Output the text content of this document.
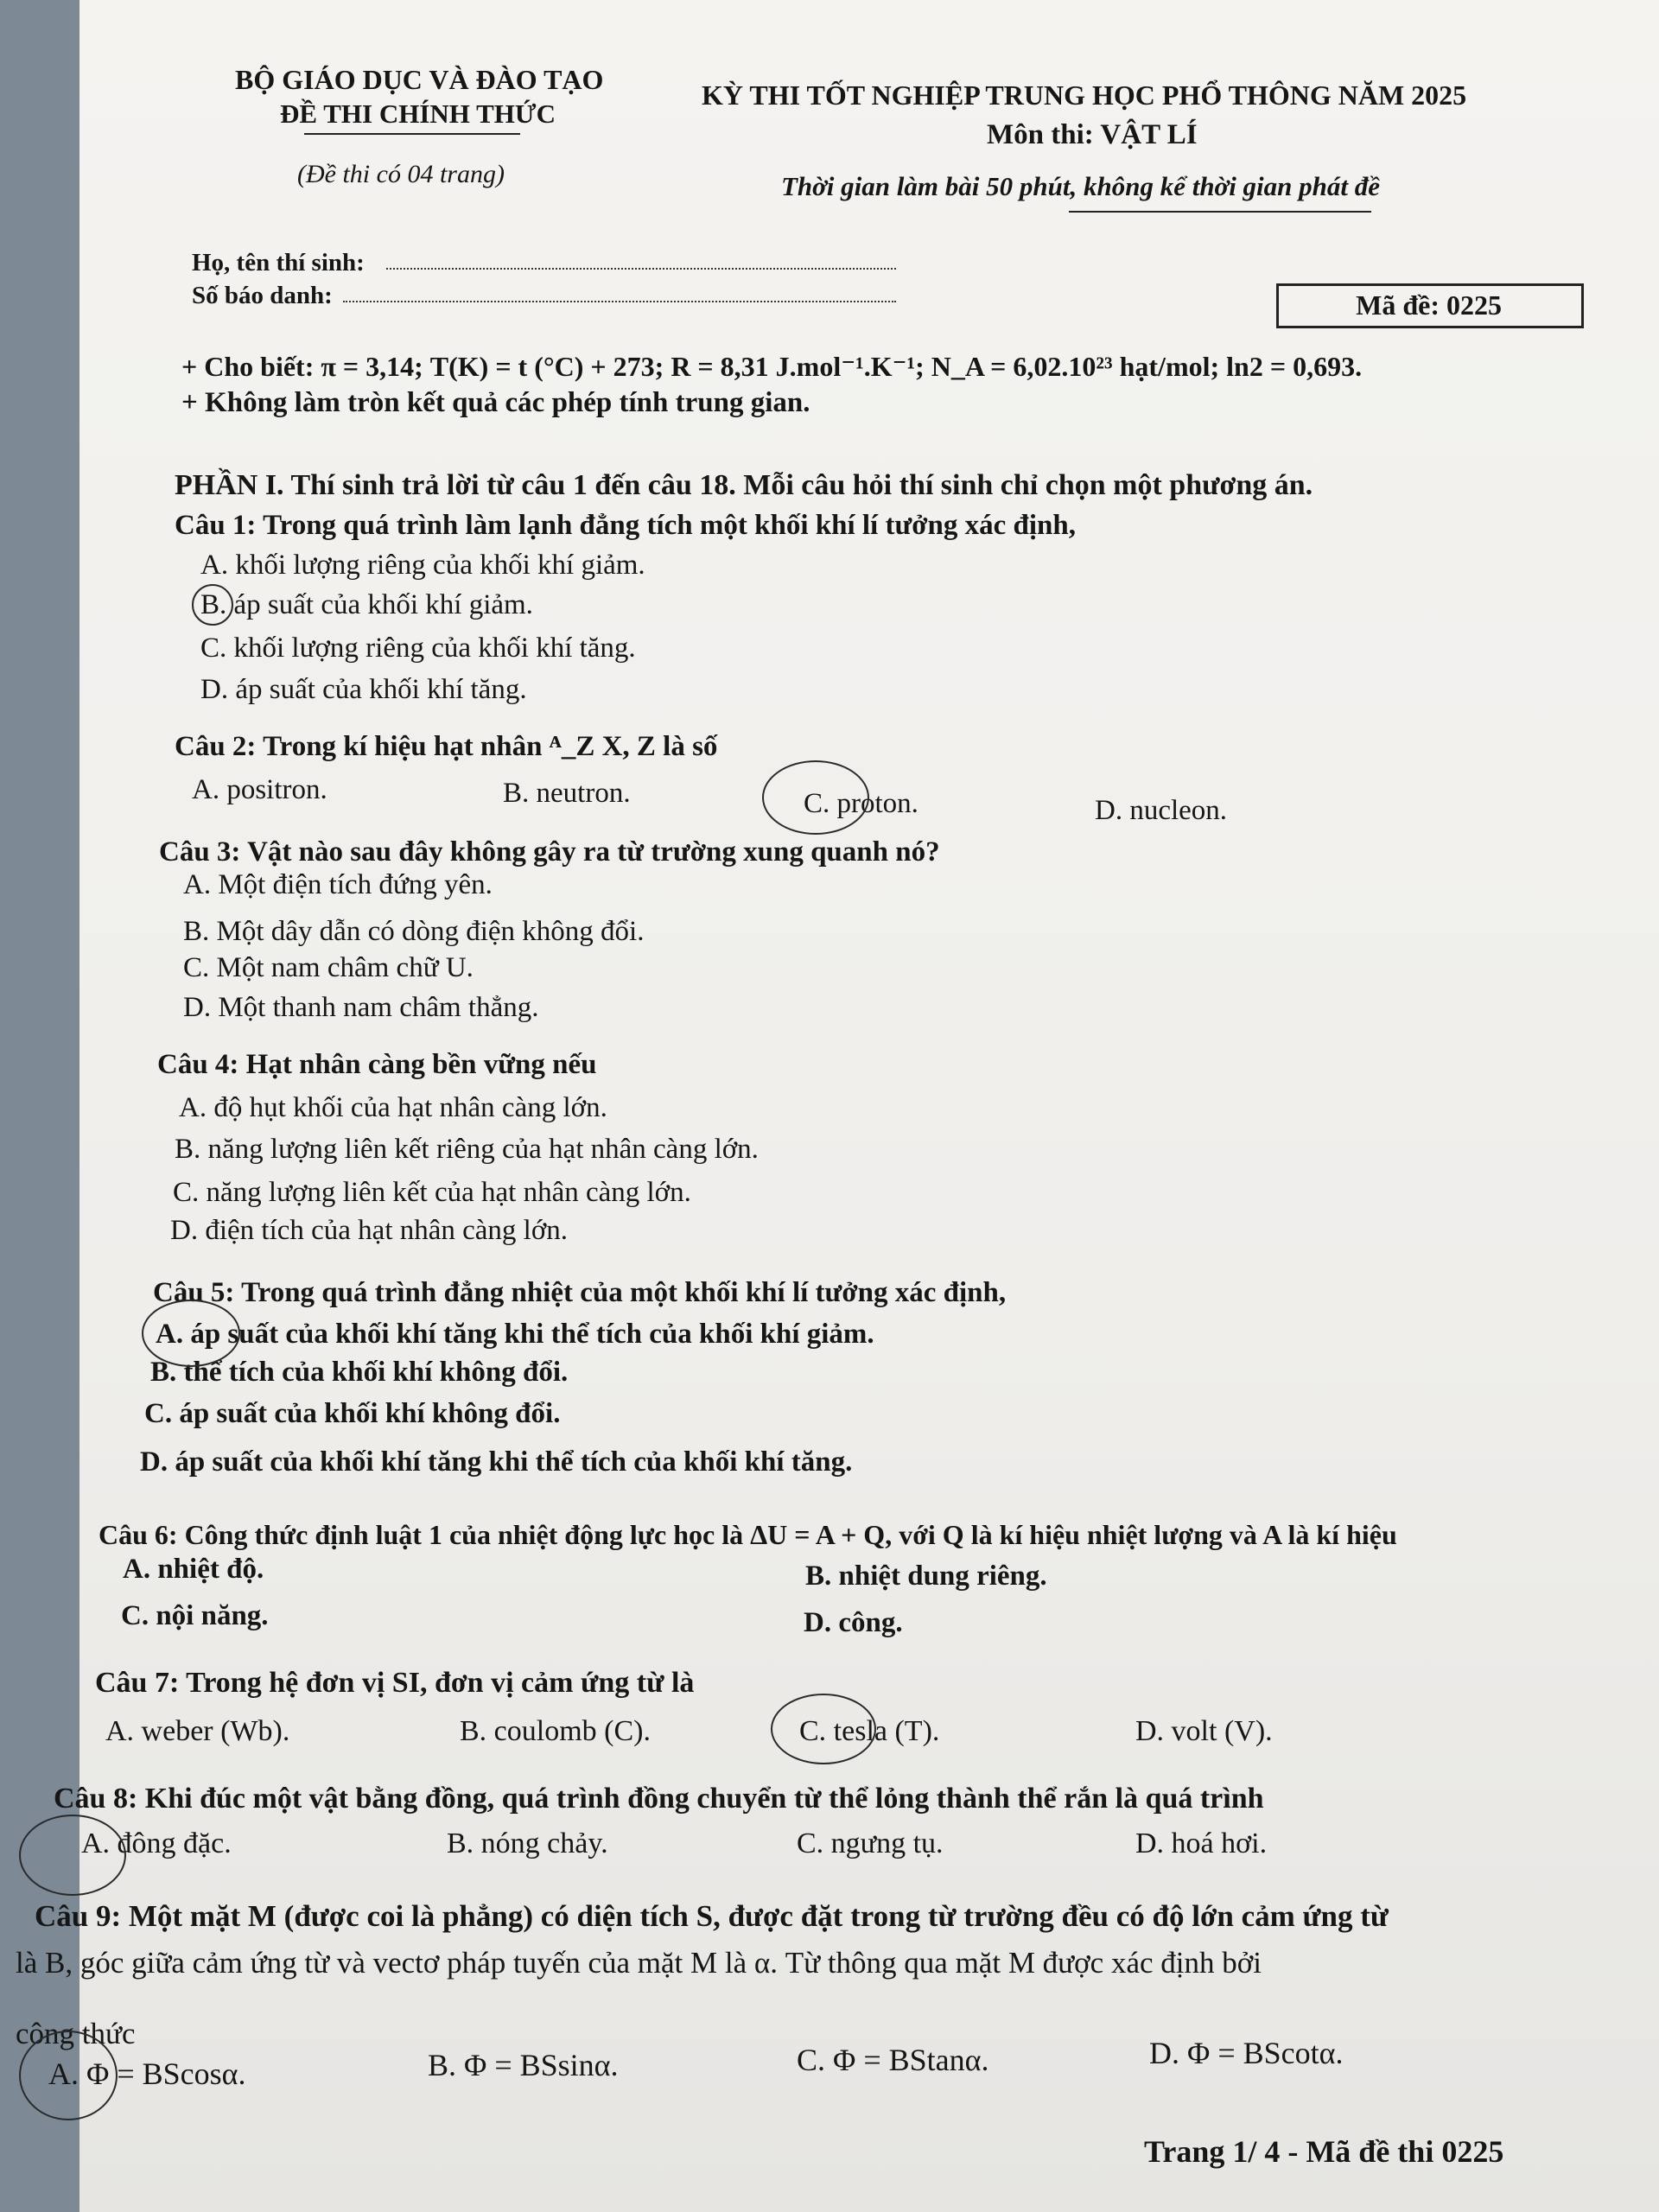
BỘ GIÁO DỤC VÀ ĐÀO TẠO
ĐỀ THI CHÍNH THỨC
(Đề thi có 04 trang)
KỲ THI TỐT NGHIỆP TRUNG HỌC PHỔ THÔNG NĂM 2025
Môn thi: VẬT LÍ
Thời gian làm bài 50 phút, không kể thời gian phát đề
Họ, tên thí sinh:
Số báo danh:	Mã đề: 0225
+ Cho biết: π = 3,14; T(K) = t (°C) + 273; R = 8,31 J.mol⁻¹.K⁻¹; N_A = 6,02.10²³ hạt/mol; ln2 = 0,693.
+ Không làm tròn kết quả các phép tính trung gian.
PHẦN I. Thí sinh trả lời từ câu 1 đến câu 18. Mỗi câu hỏi thí sinh chỉ chọn một phương án.
Câu 1: Trong quá trình làm lạnh đẳng tích một khối khí lí tưởng xác định,
A. khối lượng riêng của khối khí giảm.
B. áp suất của khối khí giảm.
C. khối lượng riêng của khối khí tăng.
D. áp suất của khối khí tăng.
Câu 2: Trong kí hiệu hạt nhân ᴬ_Z X, Z là số
A. positron.	B. neutron.	C. proton.	D. nucleon.
Câu 3: Vật nào sau đây không gây ra từ trường xung quanh nó?
A. Một điện tích đứng yên.
B. Một dây dẫn có dòng điện không đổi.
C. Một nam châm chữ U.
D. Một thanh nam châm thẳng.
Câu 4: Hạt nhân càng bền vững nếu
A. độ hụt khối của hạt nhân càng lớn.
B. năng lượng liên kết riêng của hạt nhân càng lớn.
C. năng lượng liên kết của hạt nhân càng lớn.
D. điện tích của hạt nhân càng lớn.
Câu 5: Trong quá trình đẳng nhiệt của một khối khí lí tưởng xác định,
A. áp suất của khối khí tăng khi thể tích của khối khí giảm.
B. thể tích của khối khí không đổi.
C. áp suất của khối khí không đổi.
D. áp suất của khối khí tăng khi thể tích của khối khí tăng.
Câu 6: Công thức định luật 1 của nhiệt động lực học là ΔU = A + Q, với Q là kí hiệu nhiệt lượng và A là kí hiệu
A. nhiệt độ.	B. nhiệt dung riêng.
C. nội năng.	D. công.
Câu 7: Trong hệ đơn vị SI, đơn vị cảm ứng từ là
A. weber (Wb).	B. coulomb (C).	C. tesla (T).	D. volt (V).
Câu 8: Khi đúc một vật bằng đồng, quá trình đồng chuyển từ thể lỏng thành thể rắn là quá trình
A. đông đặc.	B. nóng chảy.	C. ngưng tụ.	D. hoá hơi.
Câu 9: Một mặt M (được coi là phẳng) có diện tích S, được đặt trong từ trường đều có độ lớn cảm ứng từ
là B, góc giữa cảm ứng từ và vectơ pháp tuyến của mặt M là α. Từ thông qua mặt M được xác định bởi
công thức
A. Φ = BScosα.	B. Φ = BSsinα.	C. Φ = BStanα.	D. Φ = BScotα.
Trang 1/ 4 - Mã đề thi 0225
